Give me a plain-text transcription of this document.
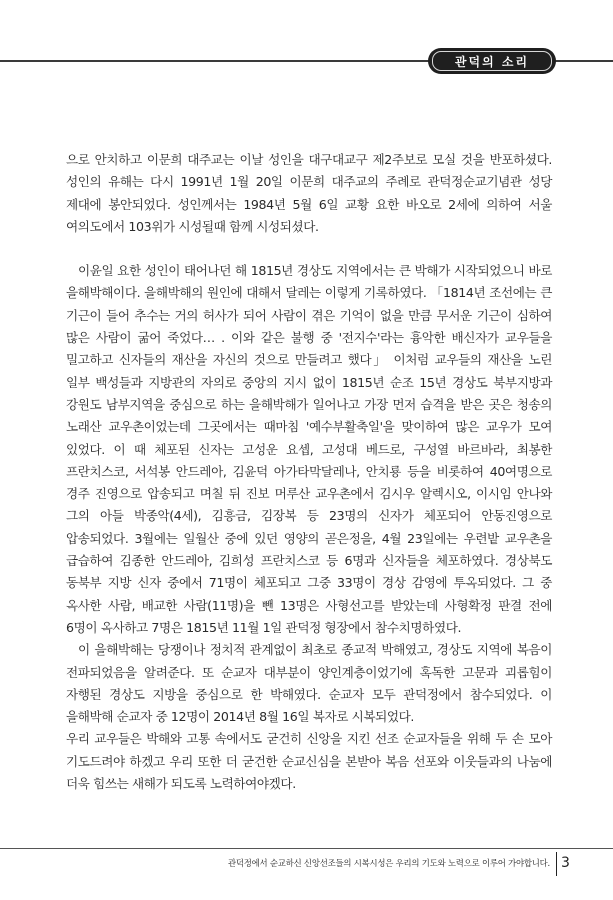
관덕의 소리

으로 안치하고 이문희 대주교는 이날 성인을 대구대교구 제2주보로 모실 것을 반포하셨다. 성인의 유해는 다시 1991년 1월 20일 이문희 대주교의 주례로 관덕정순교기념관 성당 제대에 봉안되었다. 성인께서는 1984년 5월 6일 교황 요한 바오로 2세에 의하여 서울 여의도에서 103위가 시성될때 함께 시성되셨다.

이윤일 요한 성인이 태어나던 해 1815년 경상도 지역에서는 큰 박해가 시작되었으니 바로 을해박해이다. 을해박해의 원인에 대해서 달레는 이렇게 기록하였다. 「1814년 조선에는 큰 기근이 들어 추수는 거의 허사가 되어 사람이 겪은 기억이 없을 만큼 무서운 기근이 심하여 많은 사람이 굶어 죽었다… . 이와 같은 불행 중 '전지수'라는 흉악한 배신자가 교우들을 밀고하고 신자들의 재산을 자신의 것으로 만들려고 했다」 이처럼 교우들의 재산을 노린 일부 백성들과 지방관의 자의로 중앙의 지시 없이 1815년 순조 15년 경상도 북부지방과 강원도 남부지역을 중심으로 하는 을해박해가 일어나고 가장 먼저 습격을 받은 곳은 청송의 노래산 교우촌이었는데 그곳에서는 때마침 '예수부활축일'을 맞이하여 많은 교우가 모여 있었다. 이 때 체포된 신자는 고성운 요셉, 고성대 베드로, 구성열 바르바라, 최봉한 프란치스코, 서석봉 안드레아, 김윤덕 아가타막달레나, 안치룡 등을 비롯하여 40여명으로 경주 진영으로 압송되고 며칠 뒤 진보 머루산 교우촌에서 김시우 알렉시오, 이시임 안나와 그의 아들 박종악(4세), 김흥금, 김장복 등 23명의 신자가 체포되어 안동진영으로 압송되었다. 3월에는 일월산 중에 있던 영양의 곧은정을, 4월 23일에는 우련밭 교우촌을 급습하여 김종한 안드레아, 김희성 프란치스코 등 6명과 신자들을 체포하였다. 경상북도 동북부 지방 신자 중에서 71명이 체포되고 그중 33명이 경상 감영에 투옥되었다. 그 중 옥사한 사람, 배교한 사람(11명)을 뺀 13명은 사형선고를 받았는데 사형확정 판결 전에 6명이 옥사하고 7명은 1815년 11월 1일 관덕정 형장에서 참수치명하였다.

이 을해박해는 당쟁이나 정치적 관계없이 최초로 종교적 박해였고, 경상도 지역에 복음이 전파되었음을 알려준다. 또 순교자 대부분이 양인계층이었기에 혹독한 고문과 괴롭힘이 자행된 경상도 지방을 중심으로 한 박해였다. 순교자 모두 관덕정에서 참수되었다. 이 을해박해 순교자 중 12명이 2014년 8월 16일 복자로 시복되었다.

우리 교우들은 박해와 고통 속에서도 굳건히 신앙을 지킨 선조 순교자들을 위해 두 손 모아 기도드려야 하겠고 우리 또한 더 굳건한 순교신심을 본받아 복음 선포와 이웃들과의 나눔에 더욱 힘쓰는 새해가 되도록 노력하여야겠다.

관덕정에서 순교하신 신앙선조들의 시복시성은 우리의 기도와 노력으로 이루어 가야합니다. 3
